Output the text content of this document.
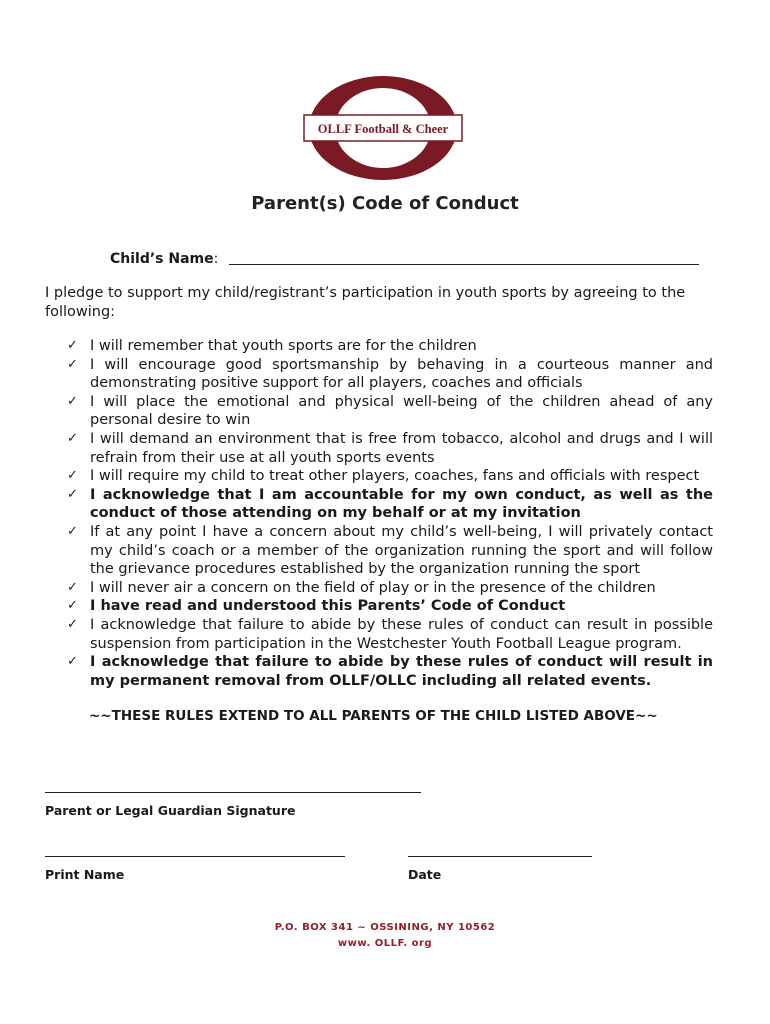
OLLF Football & Cheer
Parent(s) Code of Conduct
Child’s Name:
I pledge to support my child/registrant’s participation in youth sports by agreeing to the following:
✓ I will remember that youth sports are for the children
✓ I will encourage good sportsmanship by behaving in a courteous manner and demonstrating positive support for all players, coaches and officials
✓ I will place the emotional and physical well-being of the children ahead of any personal desire to win
✓ I will demand an environment that is free from tobacco, alcohol and drugs and I will refrain from their use at all youth sports events
✓ I will require my child to treat other players, coaches, fans and officials with respect
✓ I acknowledge that I am accountable for my own conduct, as well as the conduct of those attending on my behalf or at my invitation
✓ If at any point I have a concern about my child’s well-being, I will privately contact my child’s coach or a member of the organization running the sport and will follow the grievance procedures established by the organization running the sport
✓ I will never air a concern on the field of play or in the presence of the children
✓ I have read and understood this Parents’ Code of Conduct
✓ I acknowledge that failure to abide by these rules of conduct can result in possible suspension from participation in the Westchester Youth Football League program.
✓ I acknowledge that failure to abide by these rules of conduct will result in my permanent removal from OLLF/OLLC including all related events.
~~THESE RULES EXTEND TO ALL PARENTS OF THE CHILD LISTED ABOVE~~
Parent or Legal Guardian Signature
Print Name	Date
P.O. BOX 341 ~ OSSINING, NY 10562
www. OLLF. org
